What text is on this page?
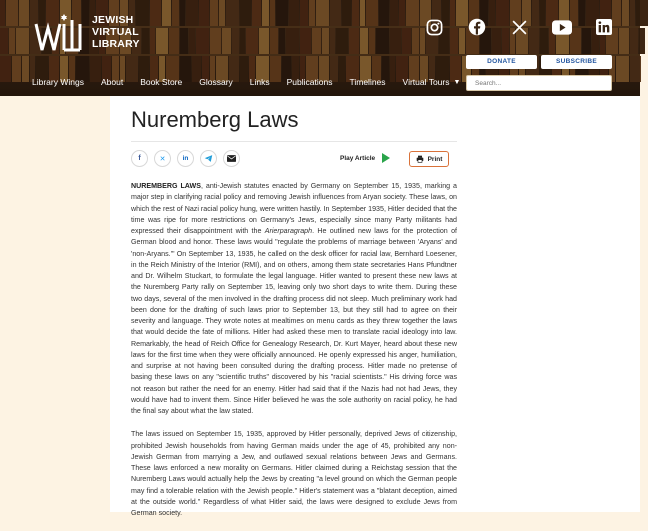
JEWISH
VIRTUAL
LIBRARY
DONATE	SUBSCRIBE
Search...
Library Wings About Book Store Glossary Links Publications Timelines Virtual Tours ▼
Nuremberg Laws
f	✕	in	Play Article	Print

NUREMBERG LAWS, anti-Jewish statutes enacted by Germany on September 15, 1935, marking a major step in clarifying racial policy and removing Jewish influences from Aryan society. These laws, on which the rest of Nazi racial policy hung, were written hastily. In September 1935, Hitler decided that the time was ripe for more restrictions on Germany's Jews, especially since many Party militants had expressed their disappointment with the Arierparagraph. He outlined new laws for the protection of German blood and honor. These laws would "regulate the problems of marriage between 'Aryans' and 'non-Aryans.'" On September 13, 1935, he called on the desk officer for racial law, Bernhard Loesener, in the Reich Ministry of the Interior (RMI), and on others, among them state secretaries Hans Pfundtner and Dr. Wilhelm Stuckart, to formulate the legal language. Hitler wanted to present these new laws at the Nuremberg Party rally on September 15, leaving only two short days to write them. During these two days, several of the men involved in the drafting process did not sleep. Much preliminary work had been done for the drafting of such laws prior to September 13, but they still had to agree on their severity and language. They wrote notes at mealtimes on menu cards as they threw together the laws that would decide the fate of millions. Hitler had asked these men to translate racial ideology into law. Remarkably, the head of Reich Office for Genealogy Research, Dr. Kurt Mayer, heard about these new laws for the first time when they were officially announced. He openly expressed his anger, humiliation, and surprise at not having been consulted during the drafting process. Hitler made no pretense of basing these laws on any "scientific truths" discovered by his "racial scientists." His driving force was not reason but rather the need for an enemy. Hitler had said that if the Nazis had not had Jews, they would have had to invent them. Since Hitler believed he was the sole authority on racial policy, he had the final say about what the law stated.

The laws issued on September 15, 1935, approved by Hitler personally, deprived Jews of citizenship, prohibited Jewish households from having German maids under the age of 45, prohibited any non-Jewish German from marrying a Jew, and outlawed sexual relations between Jews and Germans. These laws enforced a new morality on Germans. Hitler claimed during a Reichstag session that the Nuremberg Laws would actually help the Jews by creating "a level ground on which the German people may find a tolerable relation with the Jewish people." Hitler's statement was a "blatant deception, aimed at the outside world." Regardless of what Hitler said, the laws were designed to exclude Jews from German society.
